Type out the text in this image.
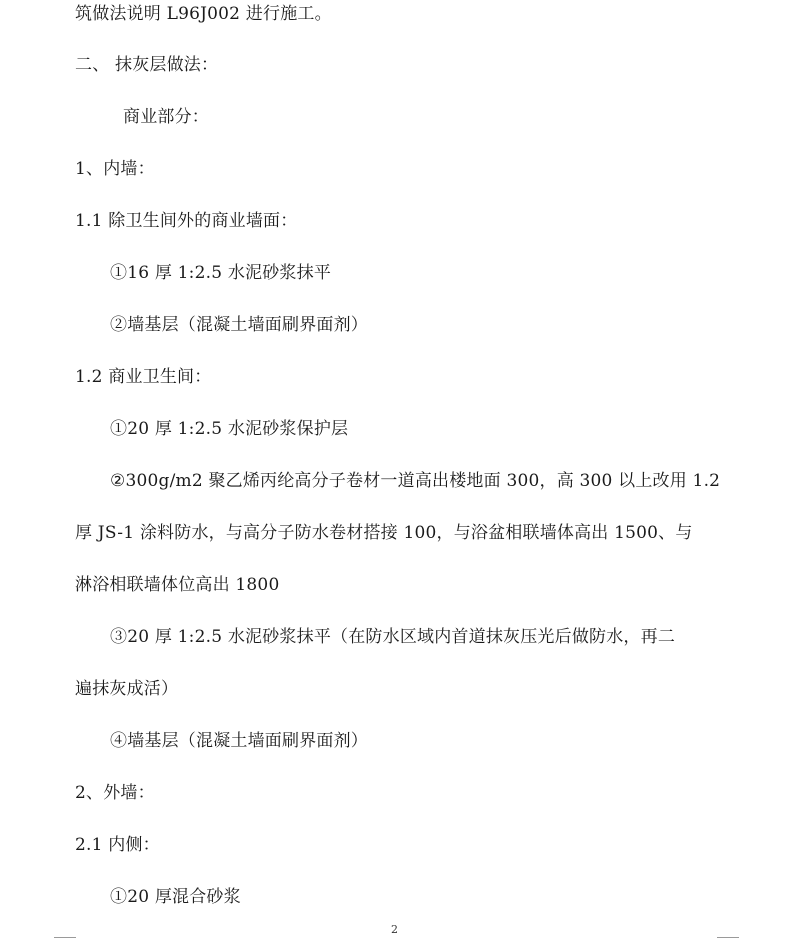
筑做法说明 L96J002 进行施工。
二、 抹灰层做法：
商业部分：
1、内墙：
1.1 除卫生间外的商业墙面：
①16 厚 1:2.5 水泥砂浆抹平
②墙基层（混凝土墙面刷界面剂）
1.2 商业卫生间：
①20 厚 1:2.5 水泥砂浆保护层
②300g/m2 聚乙烯丙纶高分子卷材一道高出楼地面 300，高 300 以上改用 1.2
厚 JS-1 涂料防水，与高分子防水卷材搭接 100，与浴盆相联墙体高出 1500、与
淋浴相联墙体位高出 1800
③20 厚 1:2.5 水泥砂浆抹平（在防水区域内首道抹灰压光后做防水，再二
遍抹灰成活）
④墙基层（混凝土墙面刷界面剂）
2、外墙：
2.1 内侧：
①20 厚混合砂浆
2
